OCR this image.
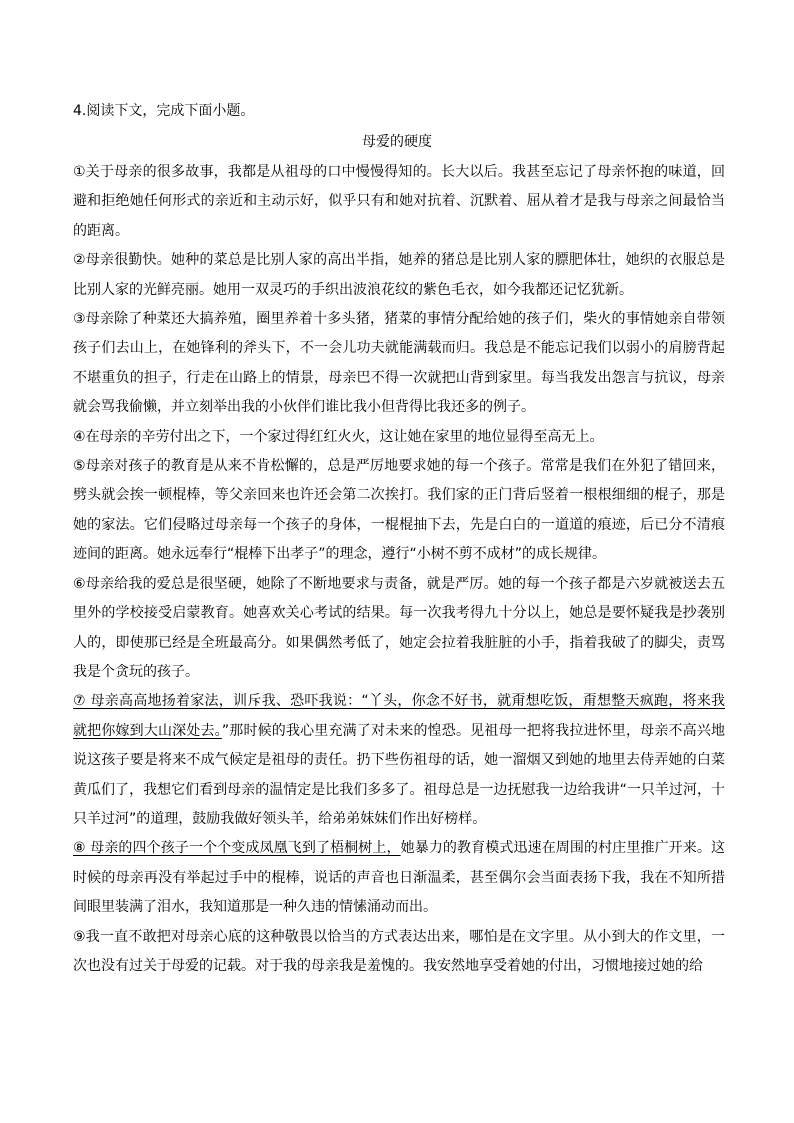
4.阅读下文，完成下面小题。
母爱的硬度

①关于母亲的很多故事，我都是从祖母的口中慢慢得知的。长大以后。我甚至忘记了母亲怀抱的味道，回避和拒绝她任何形式的亲近和主动示好，似乎只有和她对抗着、沉默着、屈从着才是我与母亲之间最恰当的距离。

②母亲很勤快。她种的菜总是比别人家的高出半指，她养的猪总是比别人家的膘肥体壮，她织的衣服总是比别人家的光鲜亮丽。她用一双灵巧的手织出波浪花纹的紫色毛衣，如今我都还记忆犹新。

③母亲除了种菜还大搞养殖，圈里养着十多头猪，猪菜的事情分配给她的孩子们，柴火的事情她亲自带领孩子们去山上，在她锋利的斧头下，不一会儿功夫就能满载而归。我总是不能忘记我们以弱小的肩膀背起不堪重负的担子，行走在山路上的情景，母亲巴不得一次就把山背到家里。每当我发出怨言与抗议，母亲就会骂我偷懒，并立刻举出我的小伙伴们谁比我小但背得比我还多的例子。

④在母亲的辛劳付出之下，一个家过得红红火火，这让她在家里的地位显得至高无上。

⑤母亲对孩子的教育是从来不肯松懈的，总是严厉地要求她的每一个孩子。常常是我们在外犯了错回来，劈头就会挨一顿棍棒，等父亲回来也许还会第二次挨打。我们家的正门背后竖着一根根细细的棍子，那是她的家法。它们侵略过母亲每一个孩子的身体，一棍棍抽下去，先是白白的一道道的痕迹，后已分不清痕迹间的距离。她永远奉行“棍棒下出孝子”的理念，遵行“小树不剪不成材”的成长规律。

⑥母亲给我的爱总是很坚硬，她除了不断地要求与责备，就是严厉。她的每一个孩子都是六岁就被送去五里外的学校接受启蒙教育。她喜欢关心考试的结果。每一次我考得九十分以上，她总是要怀疑我是抄袭别人的，即使那已经是全班最高分。如果偶然考低了，她定会拉着我脏脏的小手，指着我破了的脚尖，责骂我是个贪玩的孩子。

⑦ 母亲高高地扬着家法，训斥我、恐吓我说：“丫头，你念不好书，就甭想吃饭，甭想整天疯跑，将来我就把你嫁到大山深处去。”那时候的我心里充满了对未来的惶恐。见祖母一把将我拉进怀里，母亲不高兴地说这孩子要是将来不成气候定是祖母的责任。扔下些伤祖母的话，她一溜烟又到她的地里去侍弄她的白菜黄瓜们了，我想它们看到母亲的温情定是比我们多多了。祖母总是一边抚慰我一边给我讲“一只羊过河，十只羊过河”的道理，鼓励我做好领头羊，给弟弟妹妹们作出好榜样。

⑧ 母亲的四个孩子一个个变成凤凰飞到了梧桐树上，她暴力的教育模式迅速在周围的村庄里推广开来。这时候的母亲再没有举起过手中的棍棒，说话的声音也日渐温柔，甚至偶尔会当面表扬下我，我在不知所措间眼里装满了泪水，我知道那是一种久违的情愫涌动而出。

⑨我一直不敢把对母亲心底的这种敬畏以恰当的方式表达出来，哪怕是在文字里。从小到大的作文里，一次也没有过关于母爱的记载。对于我的母亲我是羞愧的。我安然地享受着她的付出，习惯地接过她的给
